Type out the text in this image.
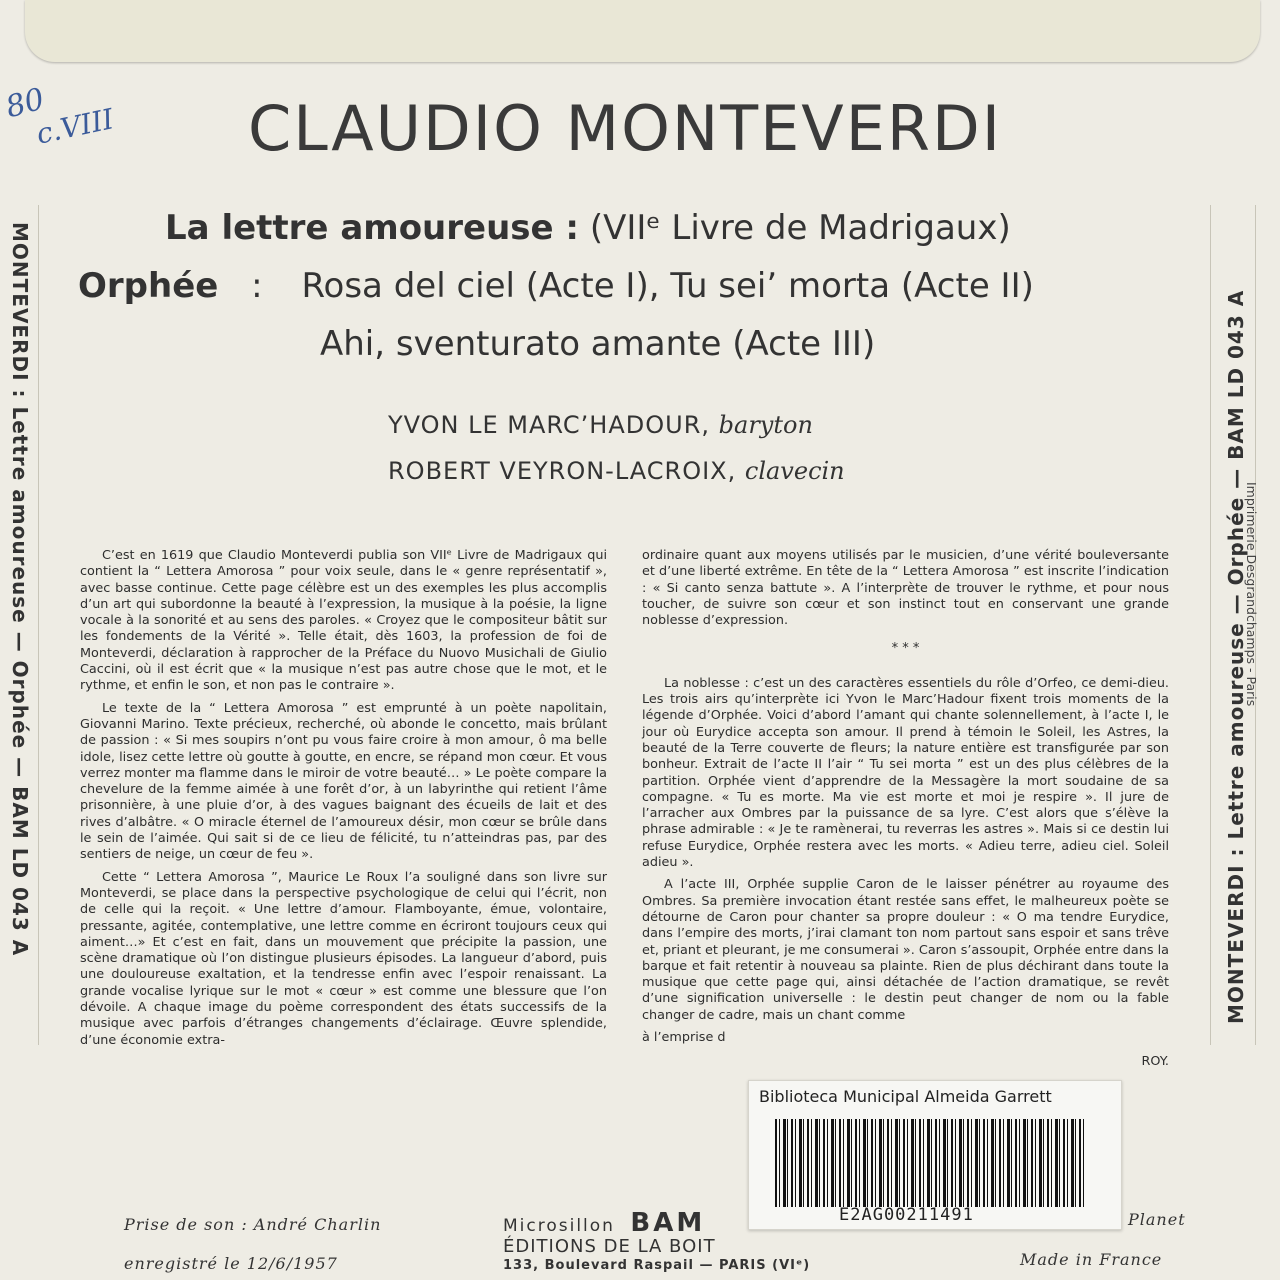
80
c.VIII	CLAUDIO MONTEVERDI
La lettre amoureuse : (VIIᵉ Livre de Madrigaux)
Orphée : Rosa del ciel (Acte I), Tu sei’ morta (Acte II)
Ahi, sventurato amante (Acte III)
YVON LE MARC’HADOUR, baryton
ROBERT VEYRON-LACROIX, clavecin
MONTEVERDI : Lettre amoureuse — Orphée — BAM LD 043 A	MONTEVERDI : Lettre amoureuse — Orphée — BAM LD 043 A
Imprimerie Desgrandchamps - Paris

C’est en 1619 que Claudio Monteverdi publia son VIIᵉ Livre de Madrigaux qui contient la “ Lettera Amorosa ” pour voix seule, dans le « genre représentatif », avec basse continue. Cette page célèbre est un des exemples les plus accomplis d’un art qui subordonne la beauté à l’expression, la musique à la poésie, la ligne vocale à la sonorité et au sens des paroles. « Croyez que le compositeur bâtit sur les fondements de la Vérité ». Telle était, dès 1603, la profession de foi de Monteverdi, déclaration à rapprocher de la Préface du Nuovo Musichali de Giulio Caccini, où il est écrit que « la musique n’est pas autre chose que le mot, et le rythme, et enfin le son, et non pas le contraire ».

Le texte de la “ Lettera Amorosa ” est emprunté à un poète napolitain, Giovanni Marino. Texte précieux, recherché, où abonde le concetto, mais brûlant de passion : « Si mes soupirs n’ont pu vous faire croire à mon amour, ô ma belle idole, lisez cette lettre où goutte à goutte, en encre, se répand mon cœur. Et vous verrez monter ma flamme dans le miroir de votre beauté… » Le poète compare la chevelure de la femme aimée à une forêt d’or, à un labyrinthe qui retient l’âme prisonnière, à une pluie d’or, à des vagues baignant des écueils de lait et des rives d’albâtre. « O miracle éternel de l’amoureux désir, mon cœur se brûle dans le sein de l’aimée. Qui sait si de ce lieu de félicité, tu n’atteindras pas, par des sentiers de neige, un cœur de feu ».

Cette “ Lettera Amorosa ”, Maurice Le Roux l’a souligné dans son livre sur Monteverdi, se place dans la perspective psychologique de celui qui l’écrit, non de celle qui la reçoit. « Une lettre d’amour. Flamboyante, émue, volontaire, pressante, agitée, contemplative, une lettre comme en écriront toujours ceux qui aiment…» Et c’est en fait, dans un mouvement que précipite la passion, une scène dramatique où l’on distingue plusieurs épisodes. La langueur d’abord, puis une douloureuse exaltation, et la tendresse enfin avec l’espoir renaissant. La grande vocalise lyrique sur le mot « cœur » est comme une blessure que l’on dévoile. A chaque image du poème correspondent des états successifs de la musique avec parfois d’étranges changements d’éclairage. Œuvre splendide, d’une économie extra-

ordinaire quant aux moyens utilisés par le musicien, d’une vérité bouleversante et d’une liberté extrême. En tête de la “ Lettera Amorosa ” est inscrite l’indication : « Si canto senza battute ». A l’interprète de trouver le rythme, et pour nous toucher, de suivre son cœur et son instinct tout en conservant une grande noblesse d’expression.

* * *

La noblesse : c’est un des caractères essentiels du rôle d’Orfeo, ce demi-dieu. Les trois airs qu’interprète ici Yvon le Marc’Hadour fixent trois moments de la légende d’Orphée. Voici d’abord l’amant qui chante solennellement, à l’acte I, le jour où Eurydice accepta son amour. Il prend à témoin le Soleil, les Astres, la beauté de la Terre couverte de fleurs; la nature entière est transfigurée par son bonheur. Extrait de l’acte II l’air “ Tu sei morta ” est un des plus célèbres de la partition. Orphée vient d’apprendre de la Messagère la mort soudaine de sa compagne. « Tu es morte. Ma vie est morte et moi je respire ». Il jure de l’arracher aux Ombres par la puissance de sa lyre. C’est alors que s’élève la phrase admirable : « Je te ramènerai, tu reverras les astres ». Mais si ce destin lui refuse Eurydice, Orphée restera avec les morts. « Adieu terre, adieu ciel. Soleil adieu ».

A l’acte III, Orphée supplie Caron de le laisser pénétrer au royaume des Ombres. Sa première invocation étant restée sans effet, le malheureux poète se détourne de Caron pour chanter sa propre douleur : « O ma tendre Eurydice, dans l’empire des morts, j’irai clamant ton nom partout sans espoir et sans trêve et, priant et pleurant, je me consumerai ». Caron s’assoupit, Orphée entre dans la barque et fait retentir à nouveau sa plainte. Rien de plus déchirant dans toute la musique que cette page qui, ainsi détachée de l’action dramatique, se revêt d’une signification universelle : le destin peut changer de nom ou la fable changer de cadre, mais un chant comme

à l’emprise d

ROY.
Biblioteca Municipal Almeida Garrett
E2AG00211491
Prise de son : André Charlin
enregistré le 12/6/1957
Microsillon BAM
ÉDITIONS DE LA BOIT
133, Boulevard Raspail — PARIS (VIᵉ)
Planet
Made in France
